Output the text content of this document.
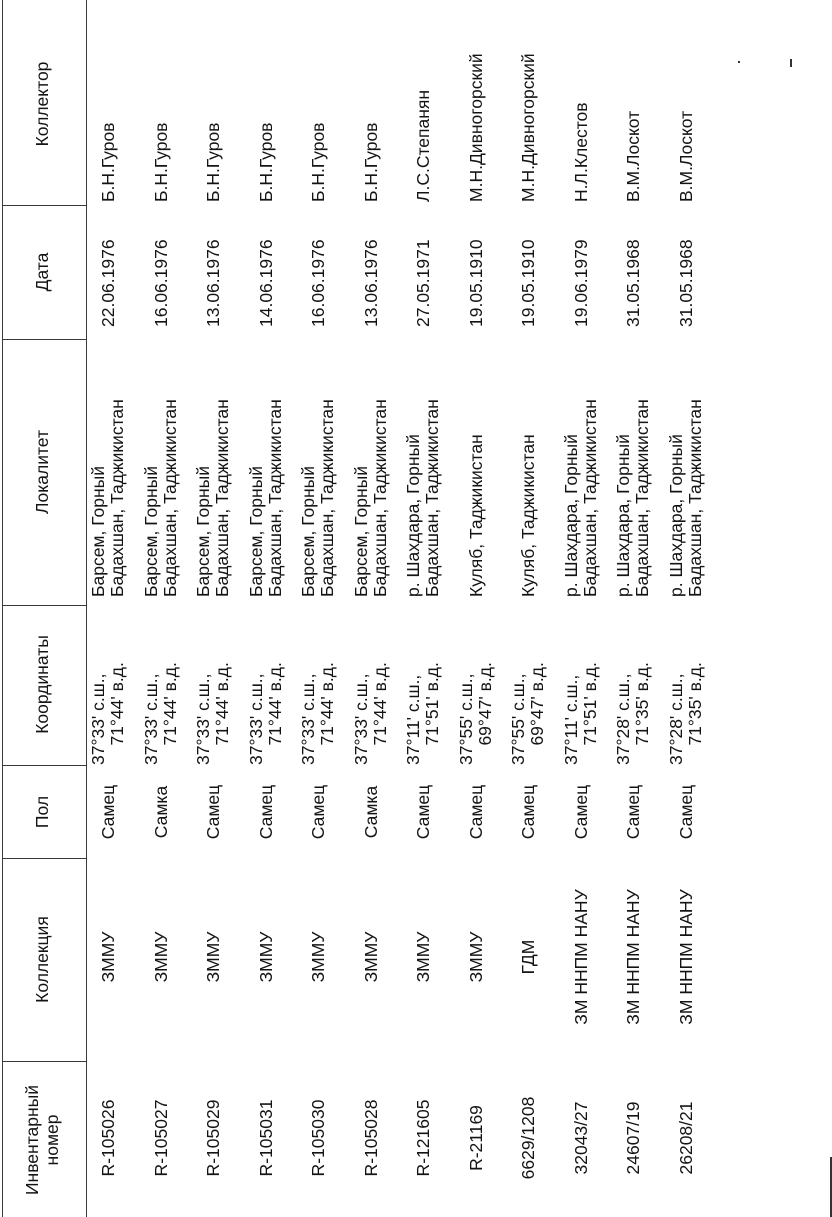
Инвентарный
номер
Коллекция
Пол
Координаты
Локалитет
Дата
Коллектор
R-105026
ЗММУ
Самец
37°33' с.ш.,
71°44' в.д.
Барсем, Горный
Бадахшан, Таджикистан
22.06.1976
Б.Н.Гуров
R-105027
ЗММУ
Самка
37°33' с.ш.,
71°44' в.д.
Барсем, Горный
Бадахшан, Таджикистан
16.06.1976
Б.Н.Гуров
R-105029
ЗММУ
Самец
37°33' с.ш.,
71°44' в.д.
Барсем, Горный
Бадахшан, Таджикистан
13.06.1976
Б.Н.Гуров
R-105031
ЗММУ
Самец
37°33' с.ш.,
71°44' в.д.
Барсем, Горный
Бадахшан, Таджикистан
14.06.1976
Б.Н.Гуров
R-105030
ЗММУ
Самец
37°33' с.ш.,
71°44' в.д.
Барсем, Горный
Бадахшан, Таджикистан
16.06.1976
Б.Н.Гуров
R-105028
ЗММУ
Самка
37°33' с.ш.,
71°44' в.д.
Барсем, Горный
Бадахшан, Таджикистан
13.06.1976
Б.Н.Гуров
R-121605
ЗММУ
Самец
37°11' с.ш.,
71°51' в.д.
р. Шахдара, Горный
Бадахшан, Таджикистан
27.05.1971
Л.С.Степанян
R-21169
ЗММУ
Самец
37°55' с.ш.,
69°47' в.д.
Куляб, Таджикистан
19.05.1910
М.Н.Дивногорский
6629/1208
ГДМ
Самец
37°55' с.ш.,
69°47' в.д.
Куляб, Таджикистан
19.05.1910
М.Н.Дивногорский
32043/27
ЗМ ННПМ НАНУ
Самец
37°11' с.ш.,
71°51' в.д.
р. Шахдара, Горный
Бадахшан, Таджикистан
19.06.1979
Н.Л.Клестов
24607/19
ЗМ ННПМ НАНУ
Самец
37°28' с.ш.,
71°35' в.д.
р. Шахдара, Горный
Бадахшан, Таджикистан
31.05.1968
В.М.Лоскот
26208/21
ЗМ ННПМ НАНУ
Самец
37°28' с.ш.,
71°35' в.д.
р. Шахдара, Горный
Бадахшан, Таджикистан
31.05.1968
В.М.Лоскот
